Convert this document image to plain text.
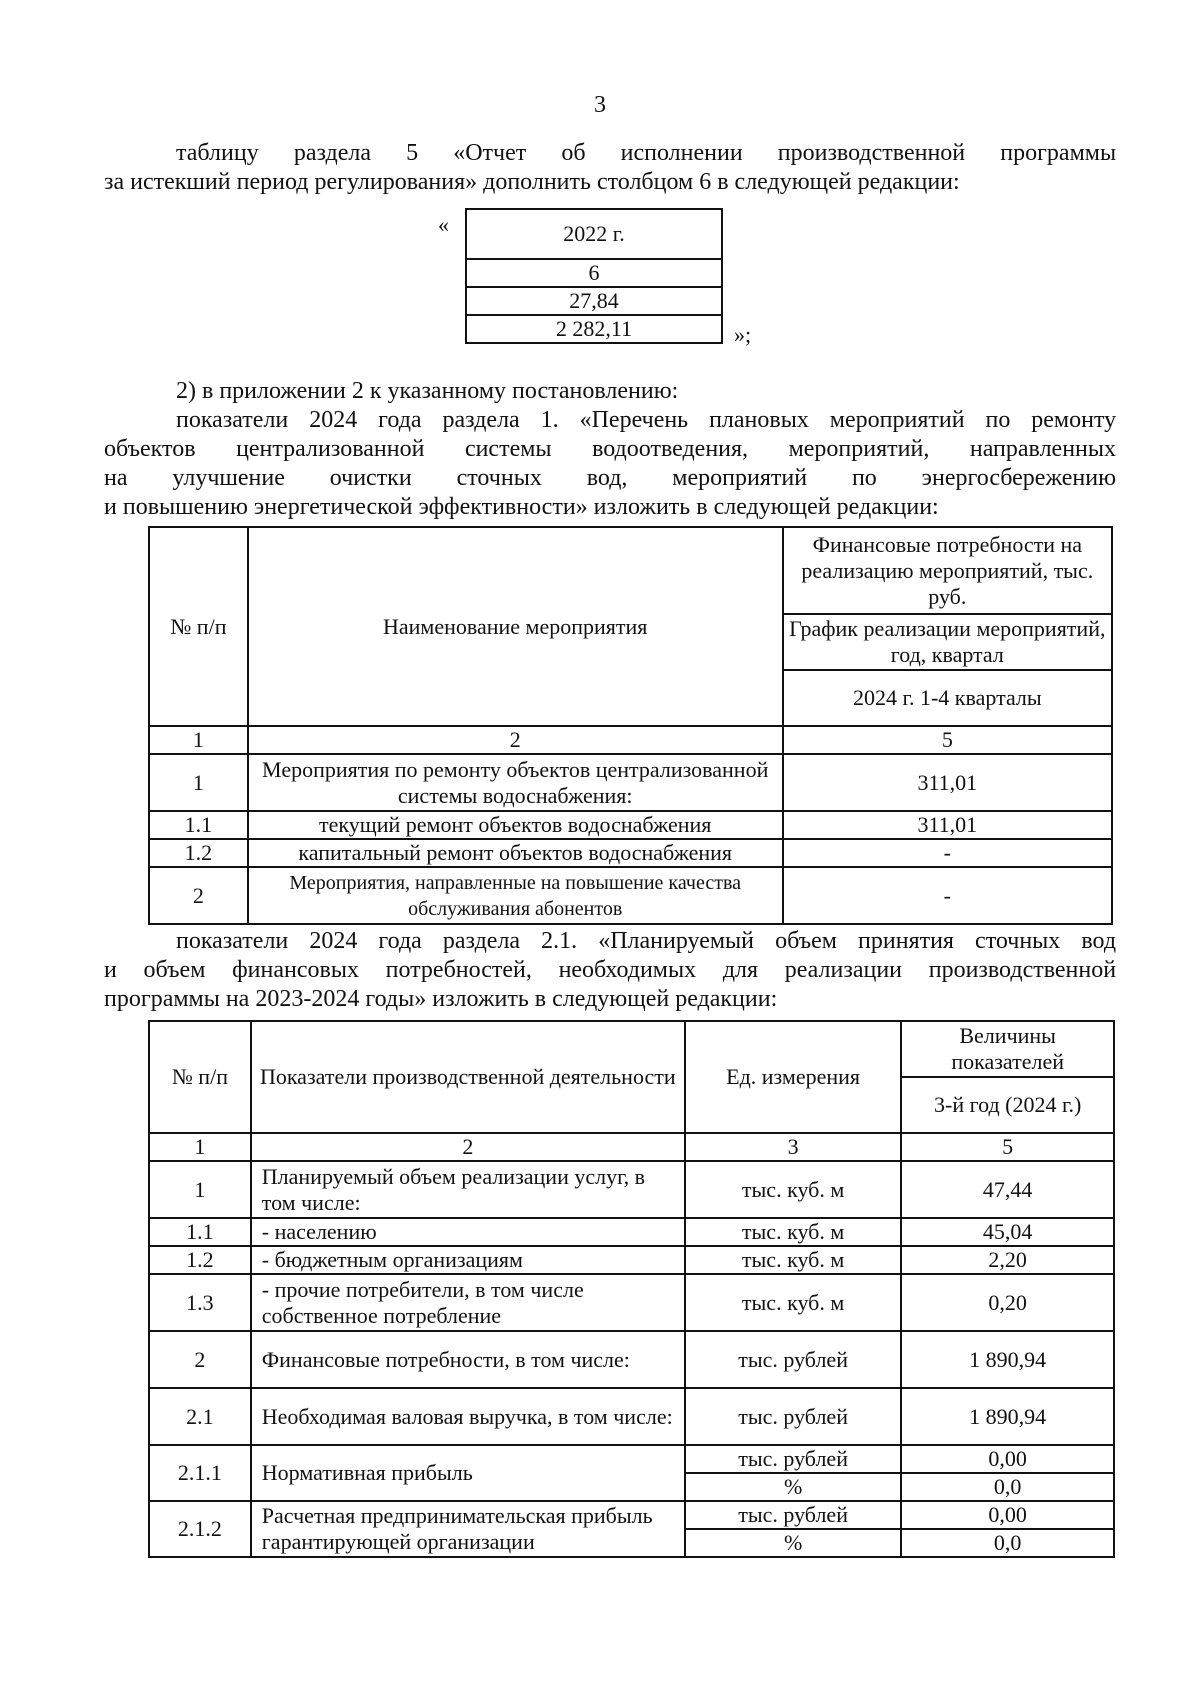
3
таблицу раздела 5 «Отчет об исполнении производственной программы
за истекший период регулирования» дополнить столбцом 6 в следующей редакции:
«	2022 г.
6
27,84
2 282,11	»;
2) в приложении 2 к указанному постановлению:
показатели 2024 года раздела 1. «Перечень плановых мероприятий по ремонту
объектов централизованной системы водоотведения, мероприятий, направленных
на улучшение очистки сточных вод, мероприятий по энергосбережению
и повышению энергетической эффективности» изложить в следующей редакции:
№ п/п	Наименование мероприятия	Финансовые потребности на реализацию мероприятий, тыс. руб.
		График реализации мероприятий, год, квартал
		2024 г. 1-4 кварталы
1	2	5
1	Мероприятия по ремонту объектов централизованной системы водоснабжения:	311,01
1.1	текущий ремонт объектов водоснабжения	311,01
1.2	капитальный ремонт объектов водоснабжения	-
2	Мероприятия, направленные на повышение качества обслуживания абонентов	-
показатели 2024 года раздела 2.1. «Планируемый объем принятия сточных вод
и объем финансовых потребностей, необходимых для реализации производственной
программы на 2023-2024 годы» изложить в следующей редакции:
№ п/п	Показатели производственной деятельности	Ед. измерения	Величины показателей
			3-й год (2024 г.)
1	2	3	5
1	Планируемый объем реализации услуг, в том числе:	тыс. куб. м	47,44
1.1	- населению	тыс. куб. м	45,04
1.2	- бюджетным организациям	тыс. куб. м	2,20
1.3	- прочие потребители, в том числе собственное потребление	тыс. куб. м	0,20
2	Финансовые потребности, в том числе:	тыс. рублей	1 890,94
2.1	Необходимая валовая выручка, в том числе:	тыс. рублей	1 890,94
2.1.1	Нормативная прибыль	тыс. рублей	0,00
		%	0,0
2.1.2	Расчетная предпринимательская прибыль гарантирующей организации	тыс. рублей	0,00
		%	0,0
